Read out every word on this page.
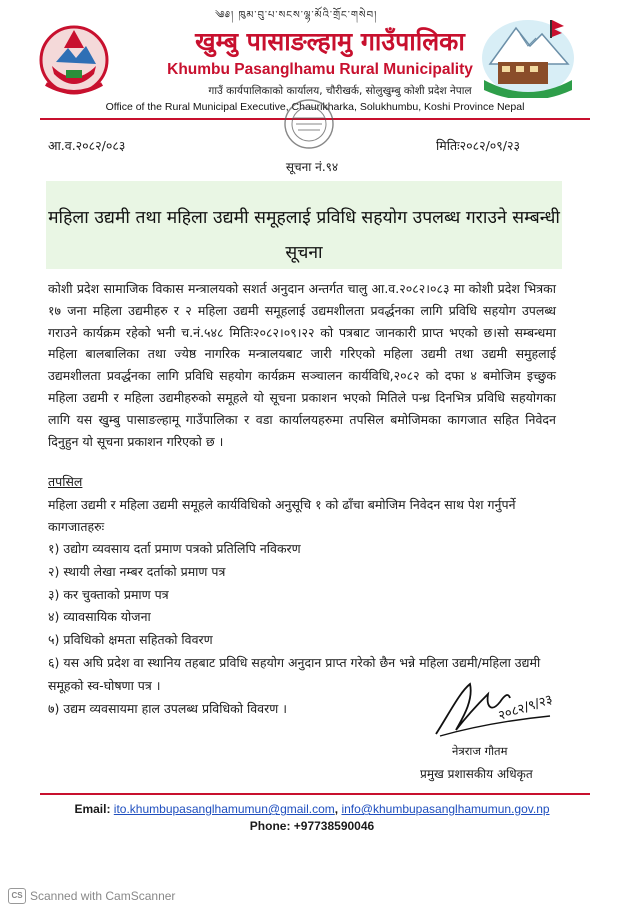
༄༅། ཁུམ་བུ་པ་སངས་ལྷ་མོའི་གྲོང་གསེབ།
खुम्बु पासाङल्हामु गाउँपालिका
Khumbu Pasanglhamu Rural Municipality
गाउँ कार्यपालिकाको कार्यालय, चौरीखर्क, सोलुखुम्बु कोशी प्रदेश नेपाल
Office of the Rural Municipal Executive, Chaurikharka, Solukhumbu, Koshi Province Nepal
आ.व.२०८२/०८३	मितिः२०८२/०९/२३
सूचना नं.९४
महिला उद्यमी तथा महिला उद्यमी समूहलाई प्रविधि सहयोग उपलब्ध गराउने सम्बन्धी
सूचना
कोशी प्रदेश सामाजिक विकास मन्त्रालयको सशर्त अनुदान अन्तर्गत चालु आ.व.२०८२।०८३ मा कोशी प्रदेश भित्रका १७ जना महिला उद्यमीहरु र २ महिला उद्यमी समूहलाई उद्यमशीलता प्रवर्द्धनका लागि प्रविधि सहयोग उपलब्ध गराउने कार्यक्रम रहेको भनी च.नं.५४८ मितिः२०८२।०९।२२ को पत्रबाट जानकारी प्राप्त भएको छ।सो सम्बन्धमा महिला बालबालिका तथा ज्येष्ठ नागरिक मन्त्रालयबाट जारी गरिएको महिला उद्यमी तथा उद्यमी समुहलाई उद्यमशीलता प्रवर्द्धनका लागि प्रविधि सहयोग कार्यक्रम सञ्चालन कार्यविधि,२०८२ को दफा ४ बमोजिम इच्छुक महिला उद्यमी र महिला उद्यमीहरुको समूहले यो सूचना प्रकाशन भएको मितिले पन्ध्र दिनभित्र प्रविधि सहयोगका लागि यस खुम्बु पासाङल्हामू गाउँपालिका र वडा कार्यालयहरुमा तपसिल बमोजिमका कागजात सहित निवेदन दिनुहुन यो सूचना प्रकाशन गरिएको छ ।
तपसिल
महिला उद्यमी र महिला उद्यमी समूहले कार्यविधिको अनुसूचि १ को ढाँचा बमोजिम निवेदन साथ पेश गर्नुपर्ने कागजातहरुः
१) उद्योग व्यवसाय दर्ता प्रमाण पत्रको प्रतिलिपि नविकरण
२) स्थायी लेखा नम्बर दर्ताको प्रमाण पत्र
३) कर चुक्ताको प्रमाण पत्र
४) व्यावसायिक योजना
५) प्रविधिको क्षमता सहितको विवरण
६) यस अघि प्रदेश वा स्थानिय तहबाट प्रविधि सहयोग अनुदान प्राप्त गरेको छैन भन्ने महिला उद्यमी/महिला उद्यमी समूहको स्व-घोषणा पत्र ।
७) उद्यम व्यवसायमा हाल उपलब्ध प्रविधिको विवरण ।	२०८२/९/२३
नेत्रराज गौतम
प्रमुख प्रशासकीय अधिकृत
Email: ito.khumbupasanglhamumun@gmail.com, info@khumbupasanglhamumun.gov.np
Phone: +97738590046
CS Scanned with CamScanner
